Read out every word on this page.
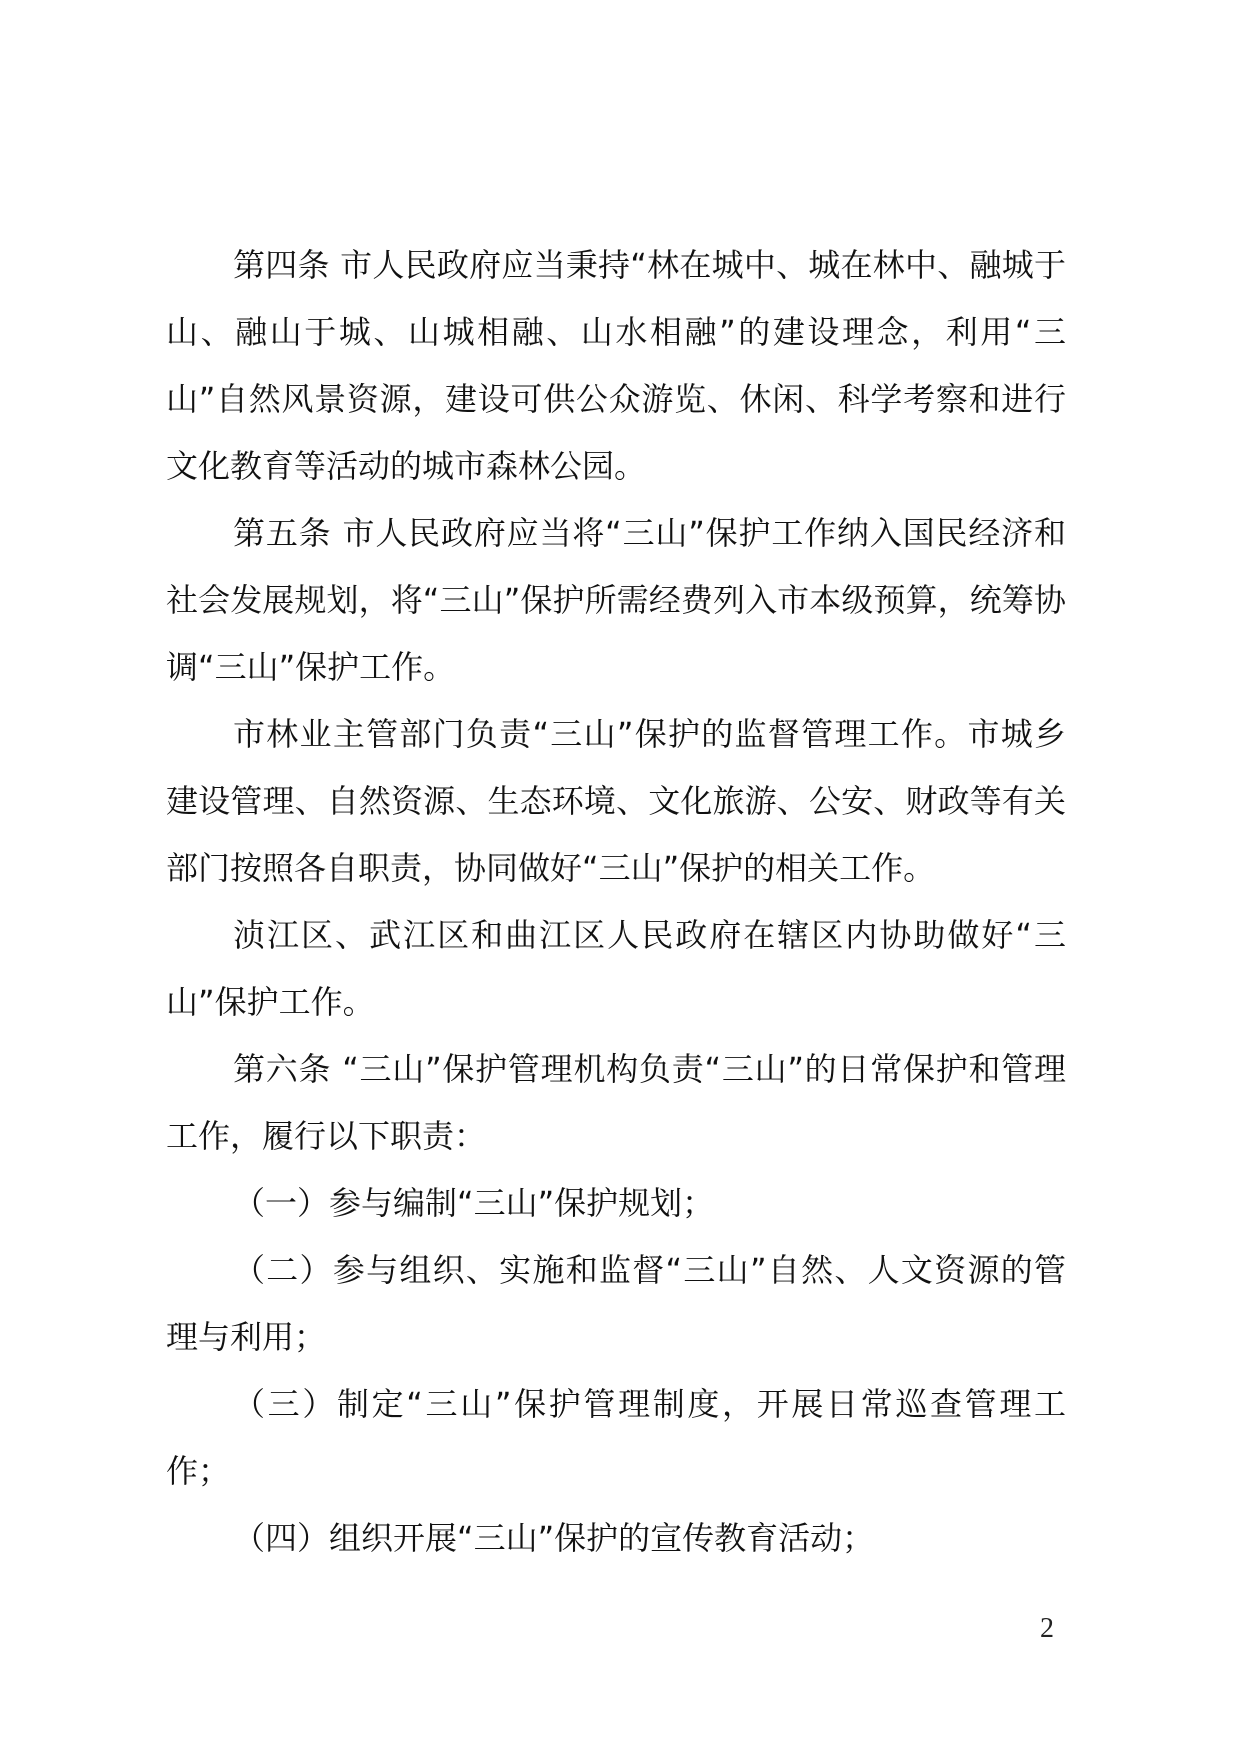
第四条 市人民政府应当秉持“林在城中、城在林中、融城于山、融山于城、山城相融、山水相融”的建设理念，利用“三山”自然风景资源，建设可供公众游览、休闲、科学考察和进行文化教育等活动的城市森林公园。

第五条 市人民政府应当将“三山”保护工作纳入国民经济和社会发展规划，将“三山”保护所需经费列入市本级预算，统筹协调“三山”保护工作。

市林业主管部门负责“三山”保护的监督管理工作。市城乡建设管理、自然资源、生态环境、文化旅游、公安、财政等有关部门按照各自职责，协同做好“三山”保护的相关工作。

浈江区、武江区和曲江区人民政府在辖区内协助做好“三山”保护工作。

第六条 “三山”保护管理机构负责“三山”的日常保护和管理工作，履行以下职责：

（一）参与编制“三山”保护规划；

（二）参与组织、实施和监督“三山”自然、人文资源的管理与利用；

（三）制定“三山”保护管理制度，开展日常巡查管理工作；

（四）组织开展“三山”保护的宣传教育活动；

2
